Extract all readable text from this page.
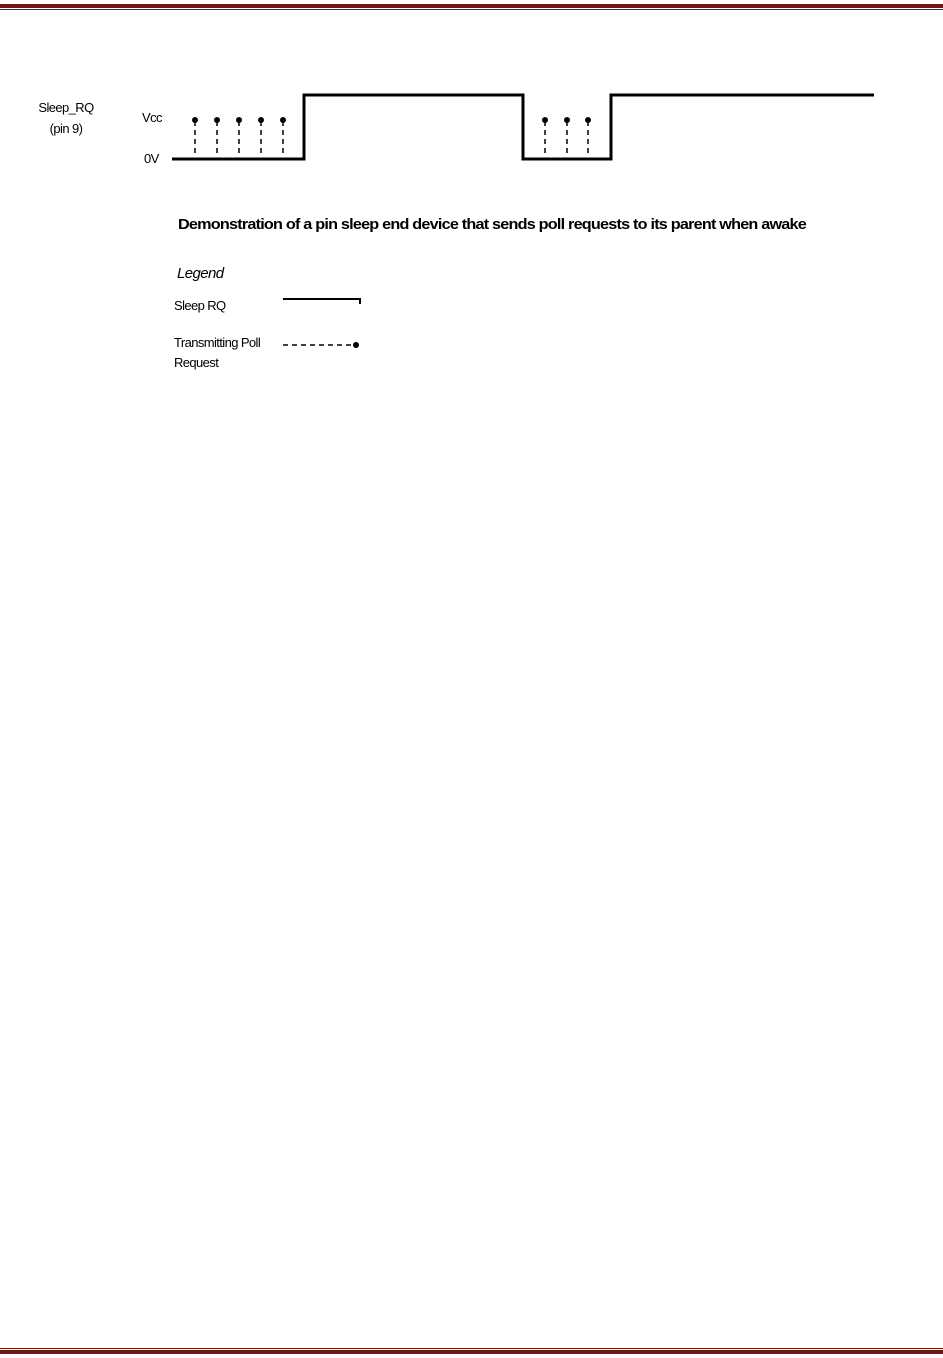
Sleep_RQ
(pin 9)
Vcc
0V
Demonstration of a pin sleep end device that sends poll requests to its parent when awake
Legend
Sleep RQ
Transmitting Poll
Request
